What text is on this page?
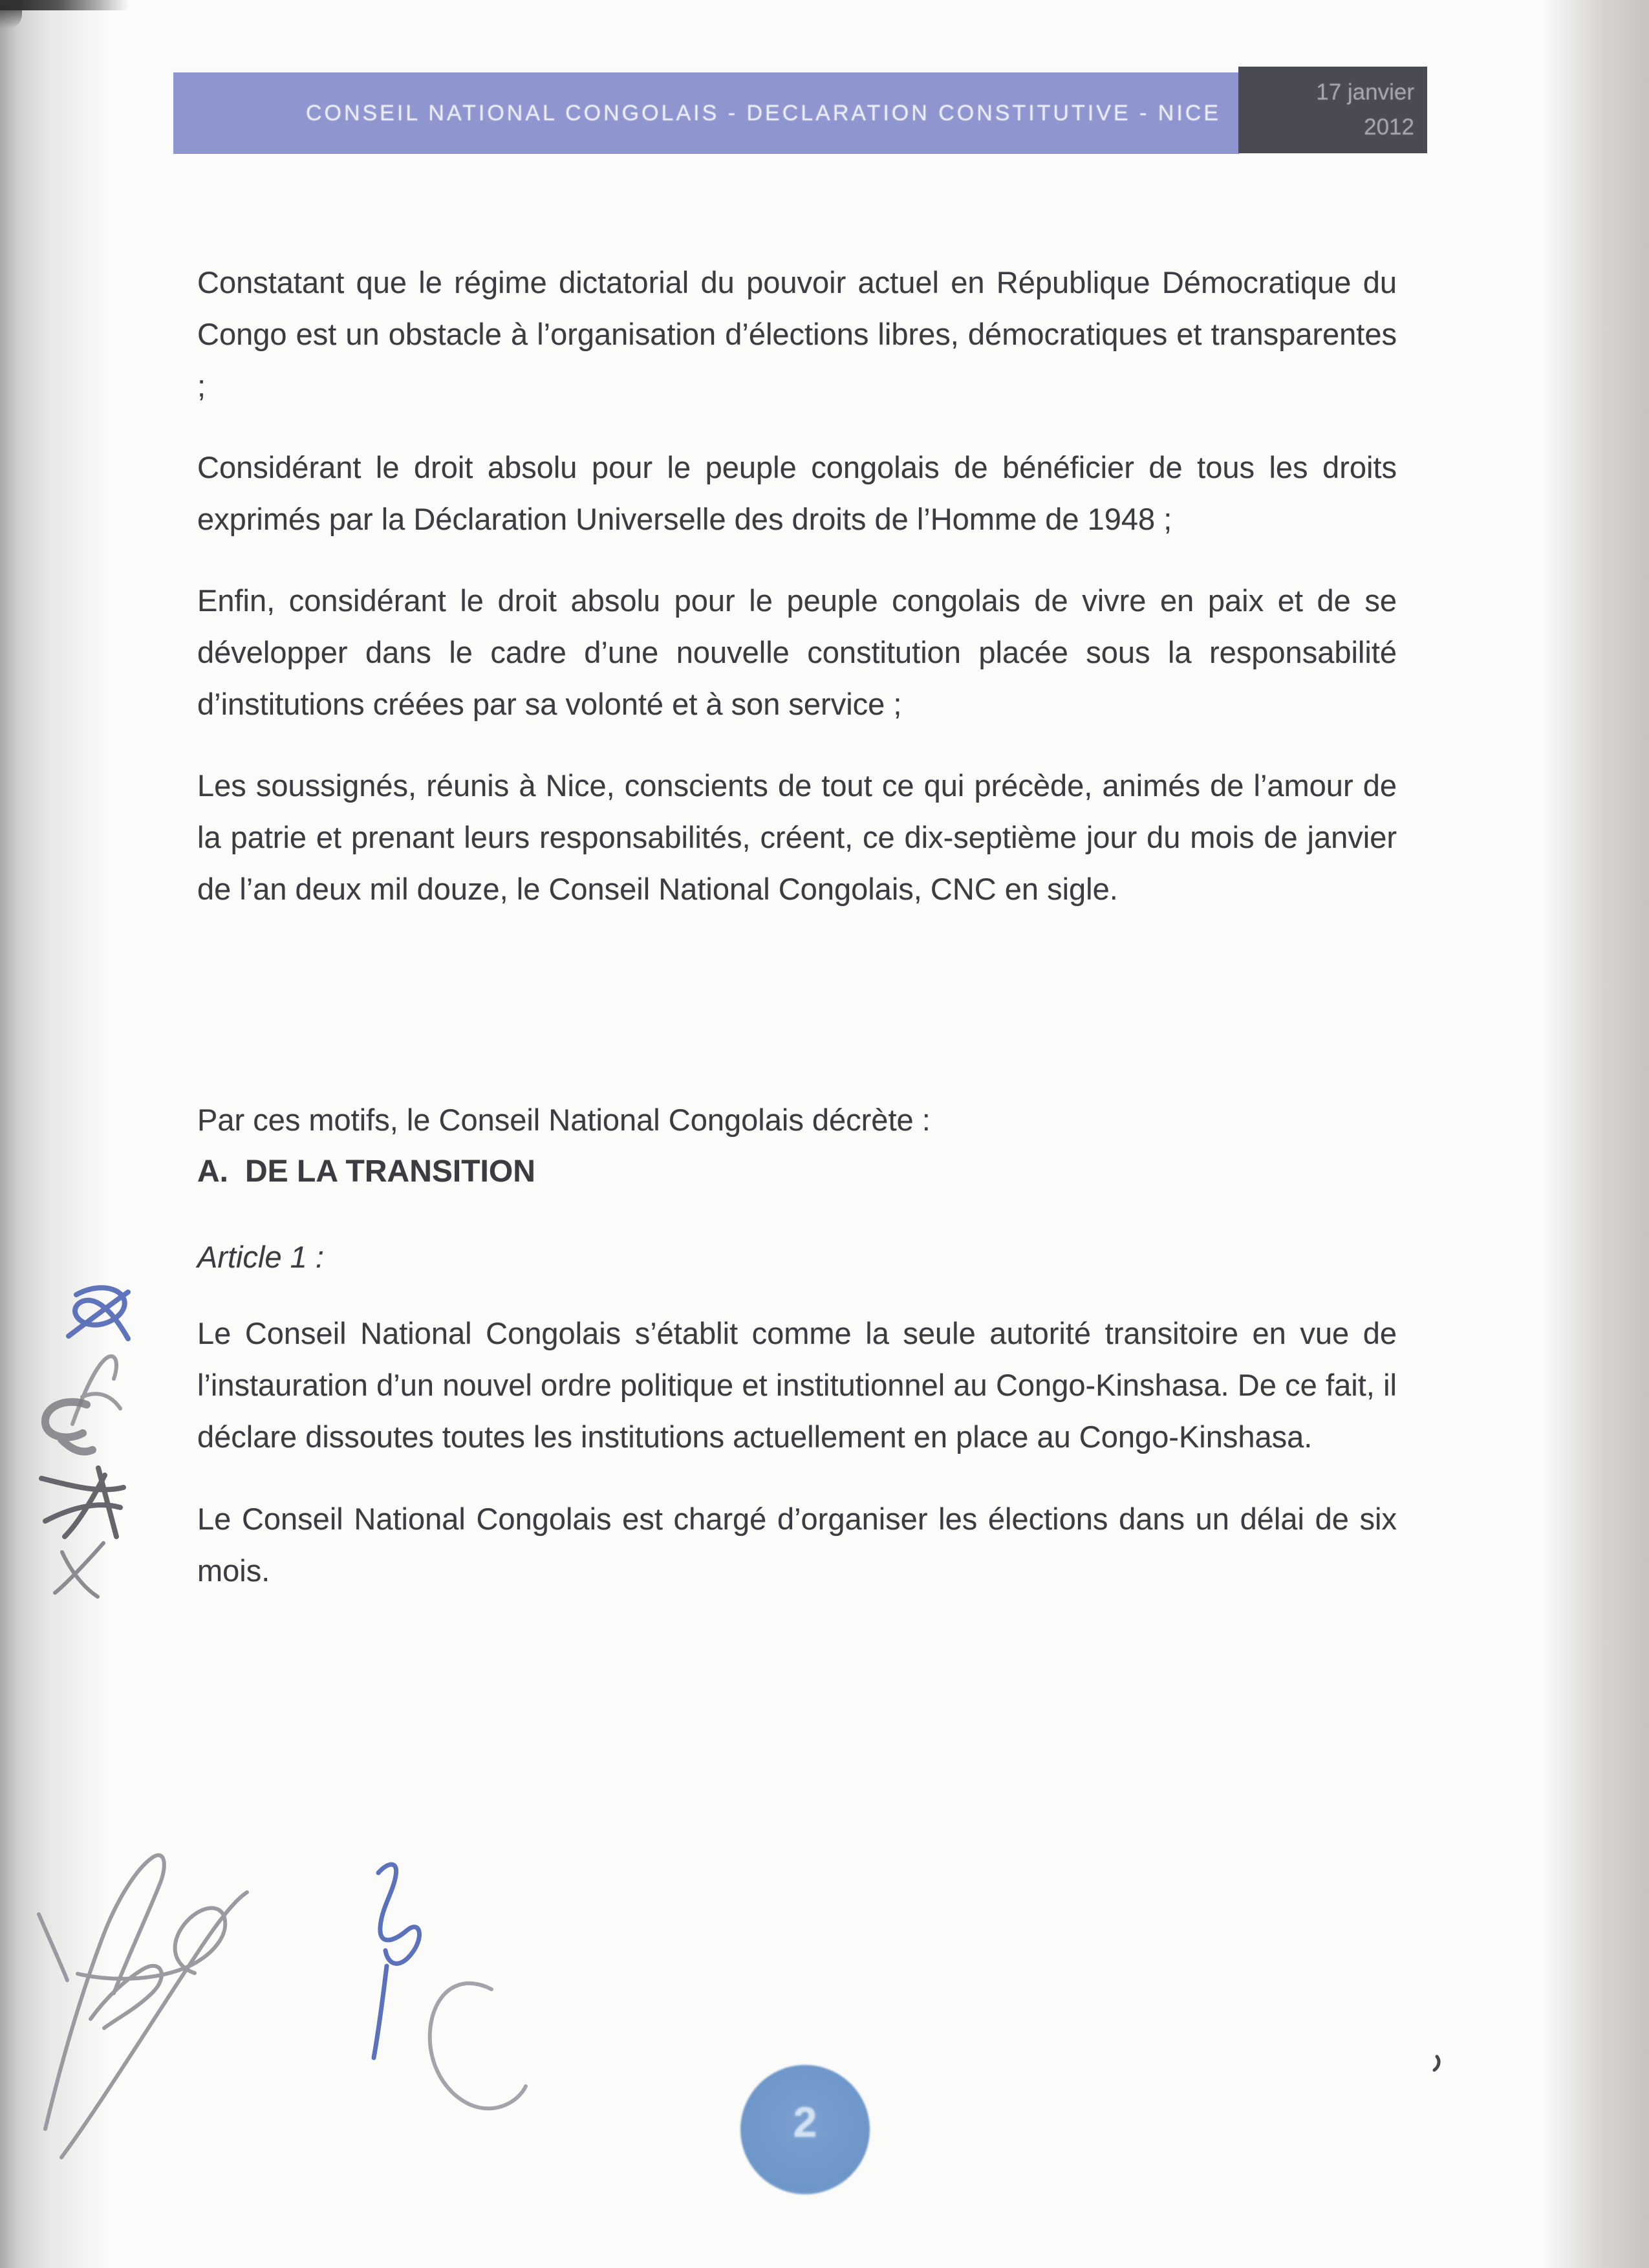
CONSEIL NATIONAL CONGOLAIS - DECLARATION CONSTITUTIVE - NICE
17 janvier
2012

Constatant que le régime dictatorial du pouvoir actuel en République Démocratique du Congo est un obstacle à l’organisation d’élections libres, démocratiques et transparentes ;

Considérant le droit absolu pour le peuple congolais de bénéficier de tous les droits exprimés par la Déclaration Universelle des droits de l’Homme de 1948 ;

Enfin, considérant le droit absolu pour le peuple congolais de vivre en paix et de se développer dans le cadre d’une nouvelle constitution placée sous la responsabilité d’institutions créées par sa volonté et à son service ;

Les soussignés, réunis à Nice, conscients de tout ce qui précède, animés de l’amour de la patrie et prenant leurs responsabilités, créent, ce dix-septième jour du mois de janvier de l’an deux mil douze, le Conseil National Congolais, CNC en sigle.

Par ces motifs, le Conseil National Congolais décrète :

A. DE LA TRANSITION

Article 1 :

Le Conseil National Congolais s’établit comme la seule autorité transitoire en vue de l’instauration d’un nouvel ordre politique et institutionnel au Congo-Kinshasa. De ce fait, il déclare dissoutes toutes les institutions actuellement en place au Congo-Kinshasa.

Le Conseil National Congolais est chargé d’organiser les élections dans un délai de six mois.

2
